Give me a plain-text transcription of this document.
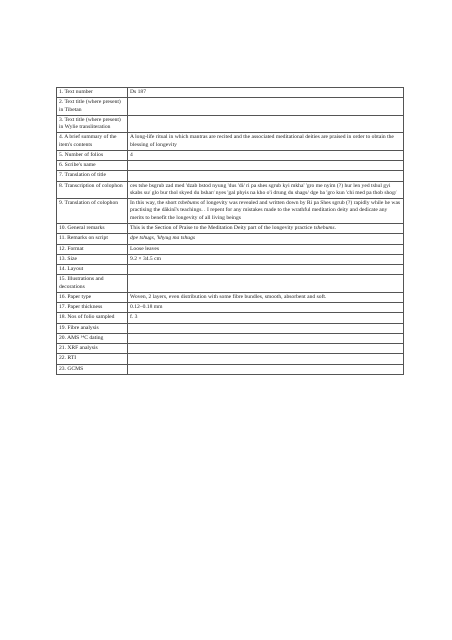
1. Text number	Ds 187
2. Text title (where present) in Tibetan	
3. Text title (where present) in Wylie transliteration	
4. A brief summary of the item's contents	A long-life ritual in which mantras are recited and the associated meditational deities are praised in order to obtain the blessing of longevity
5. Number of folios	4
6. Scribe's name	
7. Translation of title	
8. Transcription of colophon	ces tshe bsgrub zad med 'dzab bstod nyung 'dus 'di/ ri pa shes sgrub kyi mkha' 'gro me nyim (?) hur len yed tshul gyi skabs su/ glo bur thol skyed du bshar/ nyes 'gal phyis na kho o'i drung du shags/ dge ba 'gro kun 'chi med pa thob shog/
9. Translation of colophon	In this way, the short tshebums of longevity was revealed and written down by Ri pa Shes sgrub (?) rapidly while he was practising the dākinī's teachings. . I repent for any mistakes made to the wrathful meditation deity and dedicate any merits to benefit the longevity of all living beings
10. General remarks	This is the Section of Praise to the Meditation Deity part of the longevity practice tshebums.
11. Remarks on script	dpe tshugs, 'khyug ma tshugs
12. Format	Loose leaves
13. Size	9.2 × 34.5 cm
14. Layout	
15. Illustrations and decorations	
16. Paper type	Woven, 2 layers, even distribution with some fibre bundles, smooth, absorbent and soft.
17. Paper thickness	0.12–0.18 mm
18. Nos of folio sampled	f. 3
19. Fibre analysis	
20. AMS ¹⁴C dating	
21. XRF analysis	
22. RTI	
23. GCMS	
